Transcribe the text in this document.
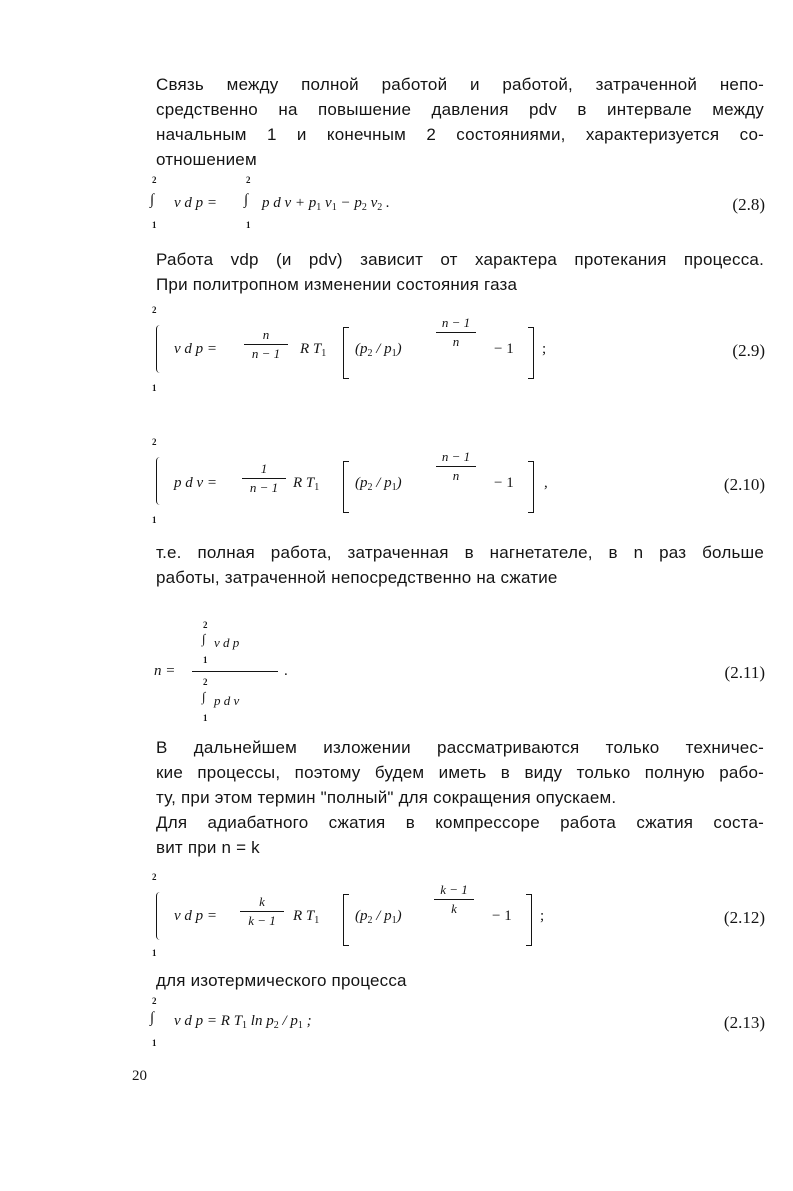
Связь между полной работой и работой, затраченной непо-
средственно на повышение давления pdv в интервале между
начальным 1 и конечным 2 состояниями, характеризуется со-
отношением
2
∫
1
v d p =
2
∫
1
p d $v + p_1$ $v_1 - p_2$ $v_2$ .	(2.8)
Работа vdp (и pdv) зависит от характера протекания процесса.
При политропном изменении состояния газа
2
1
v d p =
n
n − 1	R $T_1$ $(p_2 / p_1)$
n − 1
n	− 1 ;	(2.9)
2
1
p d v =
1
n − 1 R $T_1$ $(p_2 / p_1)$
n − 1
n	− 1 ,	(2.10)
т.е. полная работа, затраченная в нагнетателе, в n раз больше
работы, затраченной непосредственно на сжатие
n =
2
∫ v d p
1
.
2
∫ p d v
1
(2.11)
В дальнейшем изложении рассматриваются только техничес-
кие процессы, поэтому будем иметь в виду только полную рабо-
ту, при этом термин "полный" для сокращения опускаем.
Для адиабатного сжатия в компрессоре работа сжатия соста-
вит при n = k
2
1
v d p =
k
k − 1	R $T_1$ $(p_2 / p_1)$
k − 1
k	− 1 ;	(2.12)
для изотермического процесса
2
∫
1
v d p = R $T_1$ $\ln p_2 / p_1$ ;	(2.13)
20
